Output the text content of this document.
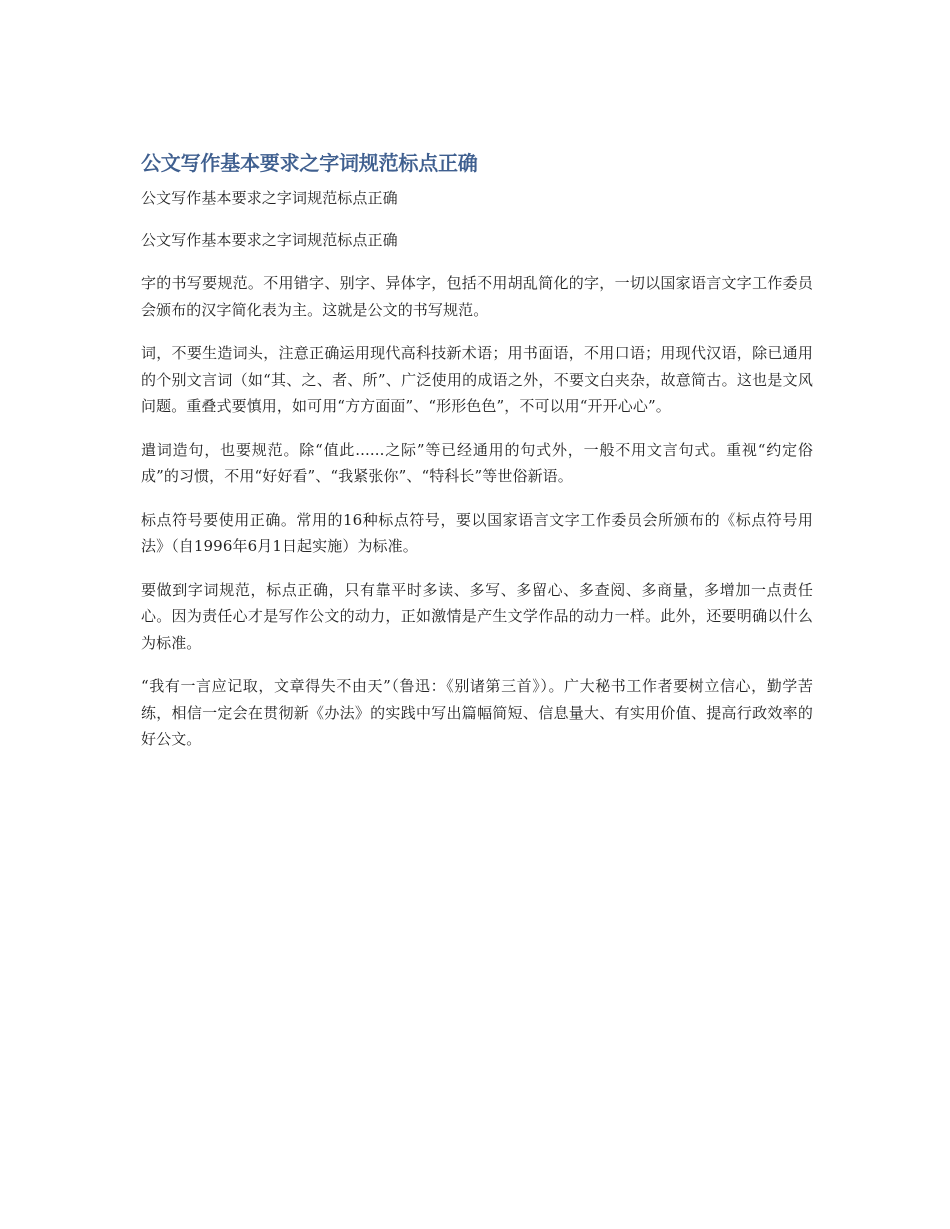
公文写作基本要求之字词规范标点正确

公文写作基本要求之字词规范标点正确

公文写作基本要求之字词规范标点正确

字的书写要规范。不用错字、别字、异体字，包括不用胡乱简化的字，一切以国家语言文字工作委员会颁布的汉字简化表为主。这就是公文的书写规范。

词，不要生造词头，注意正确运用现代高科技新术语；用书面语，不用口语；用现代汉语，除已通用的个别文言词（如“其、之、者、所”、广泛使用的成语之外，不要文白夹杂，故意简古。这也是文风问题。重叠式要慎用，如可用“方方面面”、“形形色色”，不可以用“开开心心”。

遣词造句，也要规范。除“值此......之际”等已经通用的句式外，一般不用文言句式。重视“约定俗成”的习惯，不用“好好看”、“我紧张你”、“特科长”等世俗新语。

标点符号要使用正确。常用的16种标点符号，要以国家语言文字工作委员会所颁布的《标点符号用法》（自1996年6月1日起实施）为标准。

要做到字词规范，标点正确，只有靠平时多读、多写、多留心、多查阅、多商量，多增加一点责任心。因为责任心才是写作公文的动力，正如激情是产生文学作品的动力一样。此外，还要明确以什么为标准。

“我有一言应记取，文章得失不由天”（鲁迅：《别诸第三首》）。广大秘书工作者要树立信心，勤学苦练，相信一定会在贯彻新《办法》的实践中写出篇幅简短、信息量大、有实用价值、提高行政效率的好公文。
